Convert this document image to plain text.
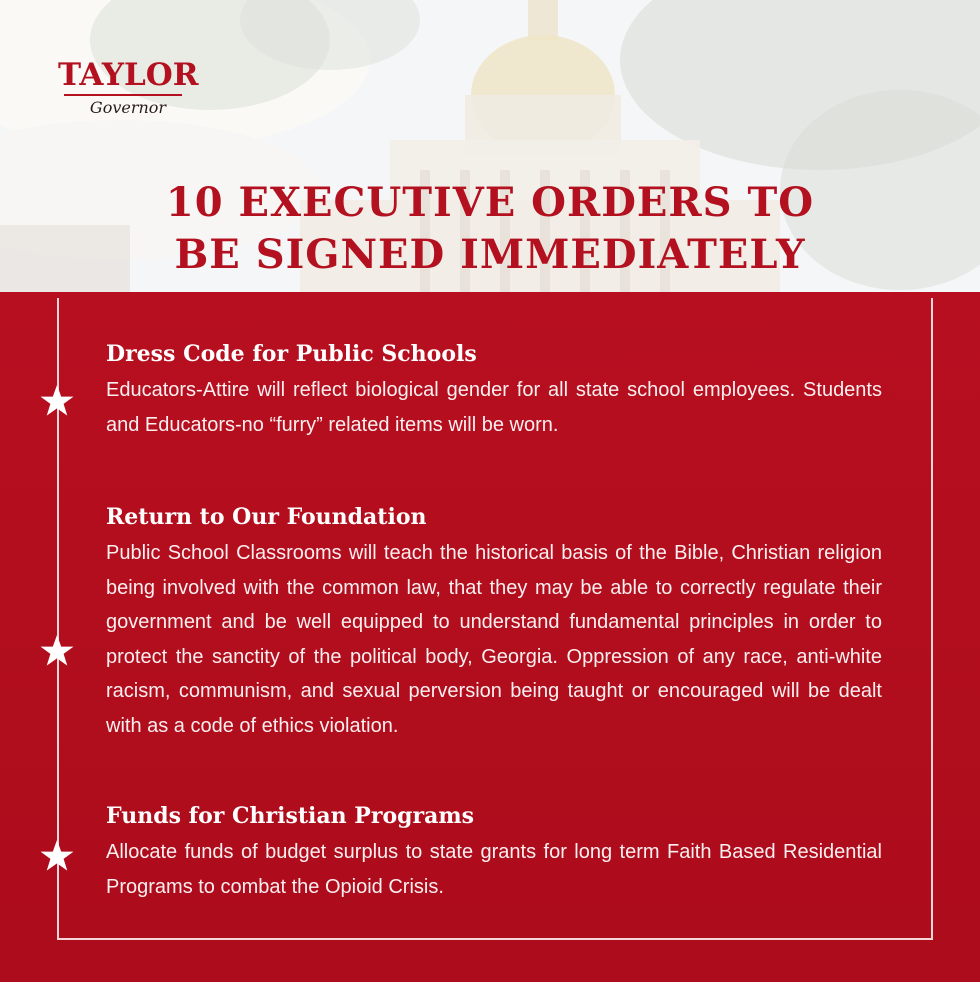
TAYLOR
Governor
10 EXECUTIVE ORDERS TO
BE SIGNED IMMEDIATELY
Dress Code for Public Schools

Educators-Attire will reflect biological gender for all state school employees. Students and Educators-no “furry” related items will be worn.

Return to Our Foundation

Public School Classrooms will teach the historical basis of the Bible, Christian religion being involved with the common law, that they may be able to correctly regulate their government and be well equipped to understand fundamental principles in order to protect the sanctity of the political body, Georgia. Oppression of any race, anti-white racism, communism, and sexual perversion being taught or encouraged will be dealt with as a code of ethics violation.

Funds for Christian Programs

Allocate funds of budget surplus to state grants for long term Faith Based Residential Programs to combat the Opioid Crisis.
